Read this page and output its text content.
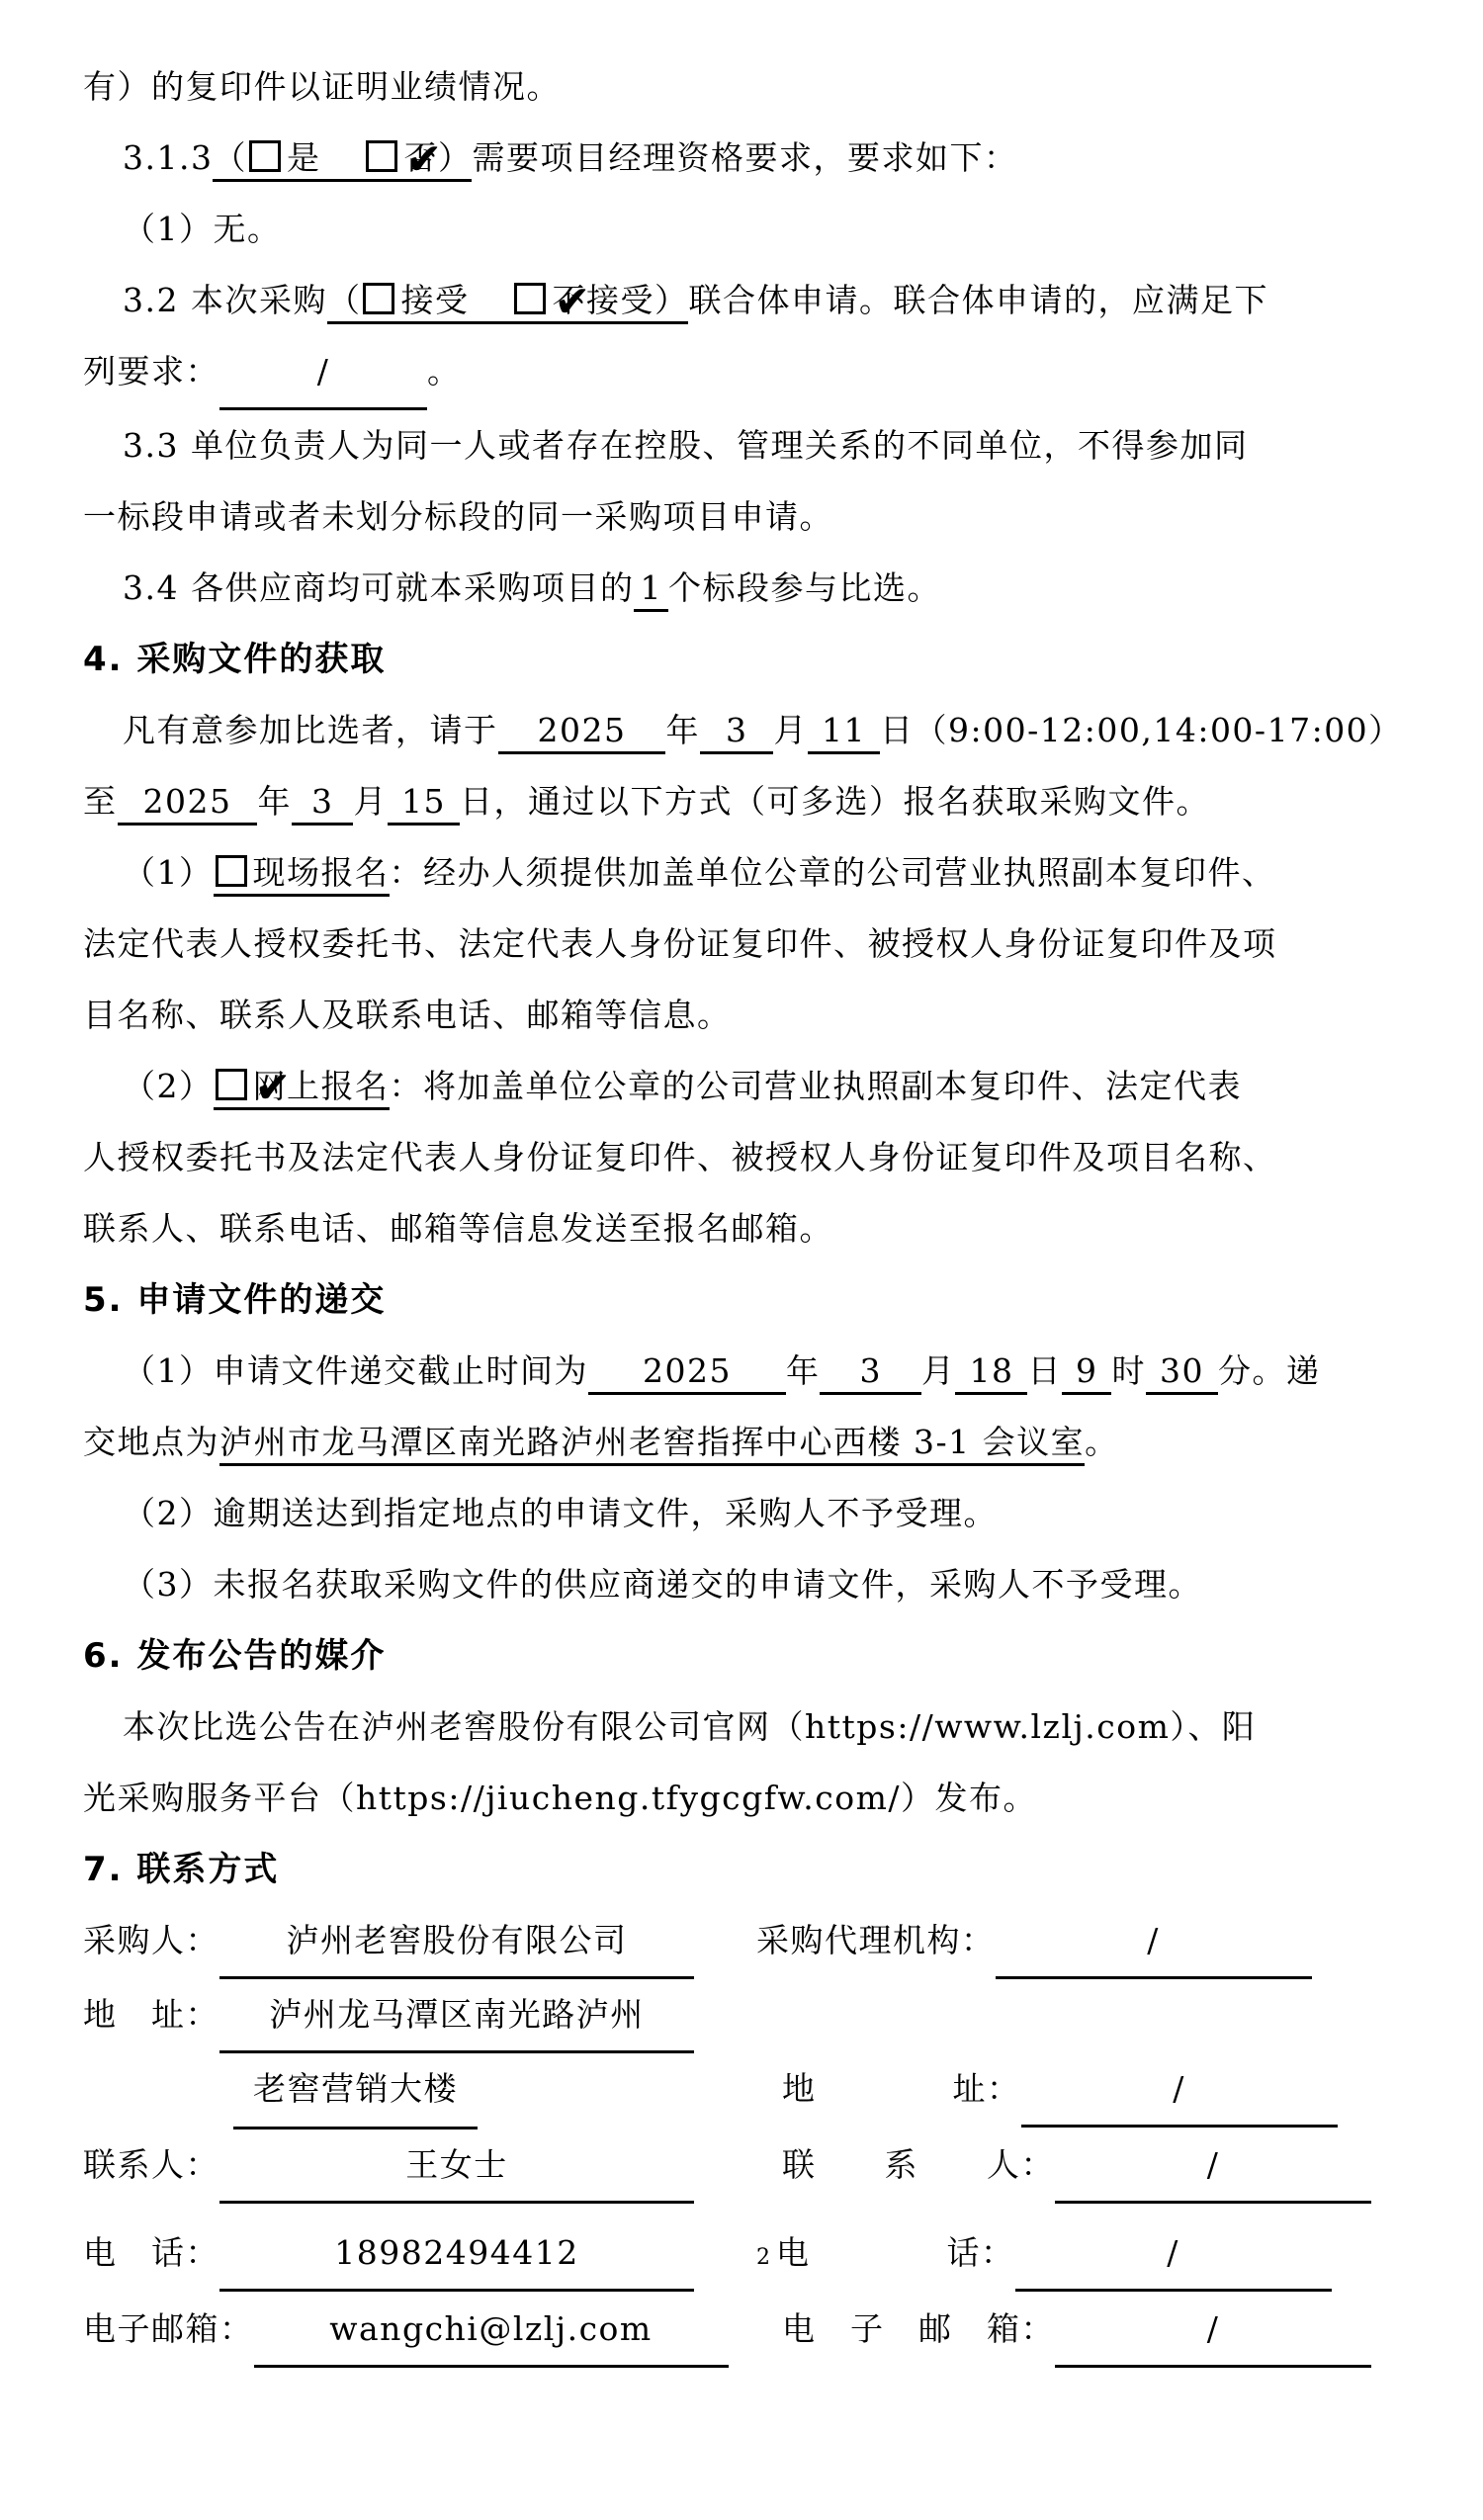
有）的复印件以证明业绩情况。
3.1.3（ 是 ✔	否）需要项目经理资格要求，要求如下：
（1）无。
3.2 本次采购（ 接受 ✔	不接受）联合体申请。联合体申请的，应满足下
列要求：	/	。
3.3 单位负责人为同一人或者存在控股、管理关系的不同单位，不得参加同
一标段申请或者未划分标段的同一采购项目申请。
3.4 各供应商均可就本采购项目的 1 个标段参与比选。
4. 采购文件的获取
凡有意参加比选者，请于 2025 年 3 月 11 日（9:00-12:00,14:00-17:00）
至 2025 年 3 月 15 日，通过以下方式（可多选）报名获取采购文件。
（1） 现场报名：经办人须提供加盖单位公章的公司营业执照副本复印件、
法定代表人授权委托书、法定代表人身份证复印件、被授权人身份证复印件及项
目名称、联系人及联系电话、邮箱等信息。
（2） ✔ 网上报名：将加盖单位公章的公司营业执照副本复印件、法定代表
人授权委托书及法定代表人身份证复印件、被授权人身份证复印件及项目名称、
联系人、联系电话、邮箱等信息发送至报名邮箱。
5. 申请文件的递交
（1）申请文件递交截止时间为 2025 年 3 月 18 日 9 时 30 分。递
交地点为泸州市龙马潭区南光路泸州老窖指挥中心西楼 3-1 会议室。
（2）逾期送达到指定地点的申请文件，采购人不予受理。
（3）未报名获取采购文件的供应商递交的申请文件，采购人不予受理。
6. 发布公告的媒介
本次比选公告在泸州老窖股份有限公司官网（https://www.lzlj.com）、阳
光采购服务平台（https://jiucheng.tfygcgfw.com/）发布。
7. 联系方式
采购人： 泸州老窖股份有限公司	采购代理机构：	/
地　址： 泸州龙马潭区南光路泸州
老窖营销大楼	地　　　　址：	/
联系人：	王女士	联　　系　　人：	/
电　话：	18982494412	2 电　　　　话：	/
电子邮箱： wangchi@lzlj.com	电　子　邮　箱：	/
